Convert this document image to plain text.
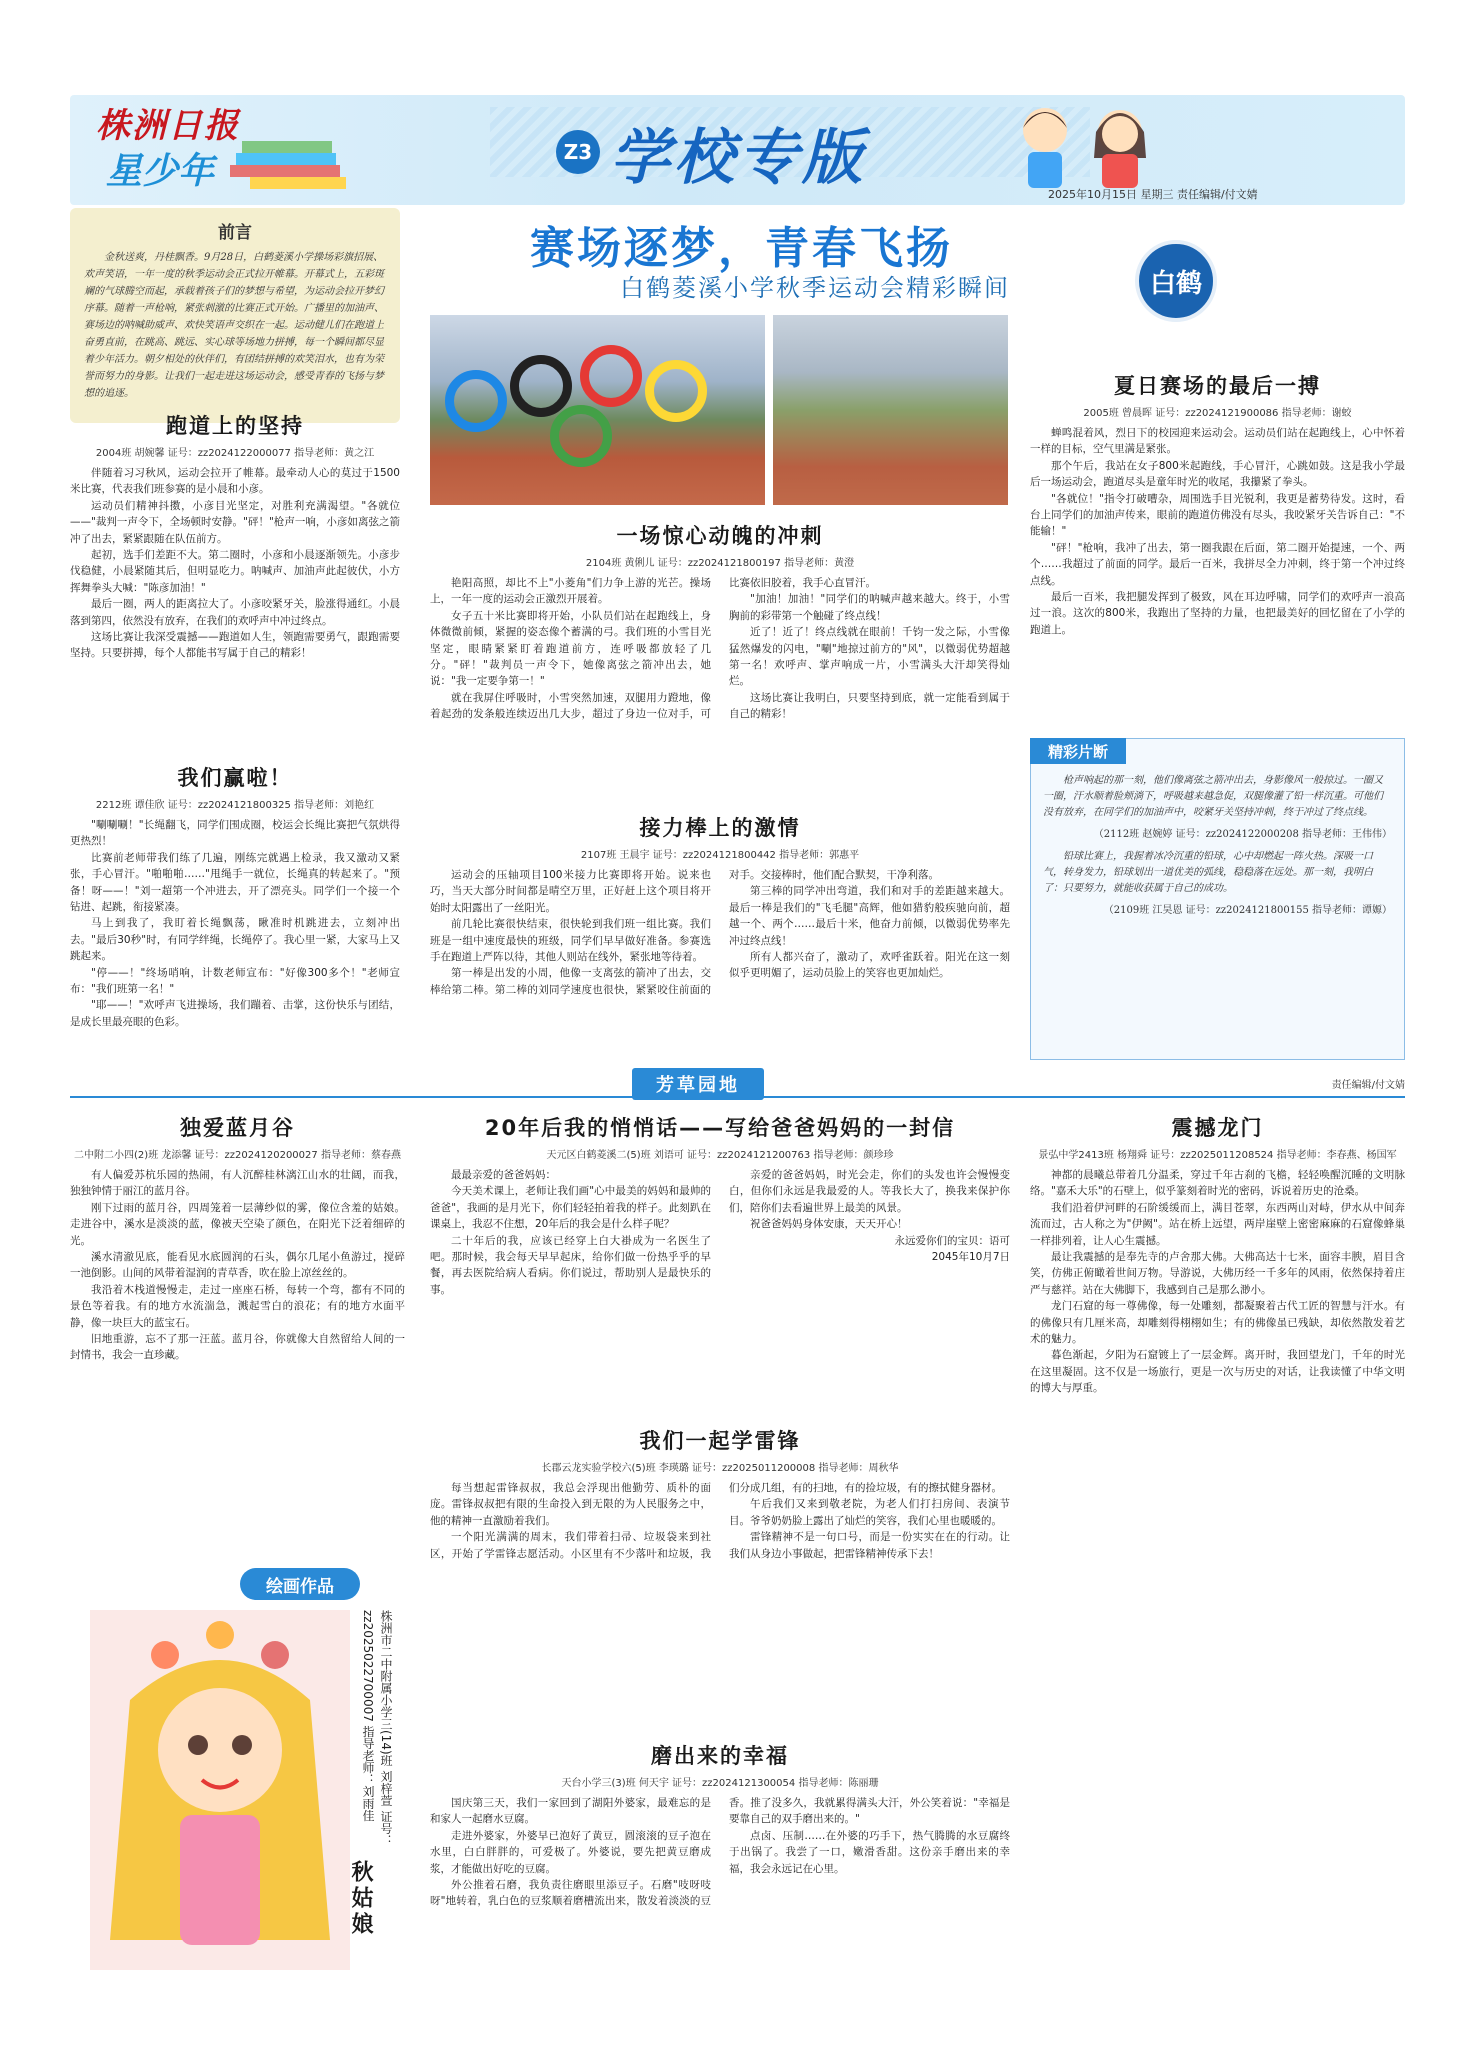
株洲日报
星少年	Z3 学校专版
2025年10月15日 星期三 责任编辑/付文婧
前言

金秋送爽，丹桂飘香。9月28日，白鹤菱溪小学操场彩旗招展、欢声笑语，一年一度的秋季运动会正式拉开帷幕。开幕式上，五彩斑斓的气球腾空而起，承载着孩子们的梦想与希望，为运动会拉开梦幻序幕。随着一声枪响，紧张刺激的比赛正式开始。广播里的加油声、赛场边的呐喊助威声、欢快笑语声交织在一起。运动健儿们在跑道上奋勇直前，在跳高、跳远、实心球等场地力拼搏，每一个瞬间都尽显着少年活力。朝夕相处的伙伴们，有团结拼搏的欢笑泪水，也有为荣誉而努力的身影。让我们一起走进这场运动会，感受青春的飞扬与梦想的追逐。

赛场逐梦，青春飞扬
白鹤菱溪小学秋季运动会精彩瞬间	白鹤
跑道上的坚持
2004班 胡婉馨 证号：zz2024122000077 指导老师：黄之江

伴随着习习秋风，运动会拉开了帷幕。最牵动人心的莫过于1500米比赛，代表我们班参赛的是小晨和小彦。

运动员们精神抖擞，小彦目光坚定，对胜利充满渴望。"各就位——"裁判一声令下，全场顿时安静。"砰！"枪声一响，小彦如离弦之箭冲了出去，紧紧跟随在队伍前方。

起初，选手们差距不大。第二圈时，小彦和小晨逐渐领先。小彦步伐稳健，小晨紧随其后，但明显吃力。呐喊声、加油声此起彼伏，小方挥舞拳头大喊："陈彦加油！"

最后一圈，两人的距离拉大了。小彦咬紧牙关，脸涨得通红。小晨落到第四，依然没有放弃，在我们的欢呼声中冲过终点。

这场比赛让我深受震撼——跑道如人生，领跑需要勇气，跟跑需要坚持。只要拼搏，每个人都能书写属于自己的精彩！

我们赢啦！
2212班 谭佳欣 证号：zz2024121800325 指导老师：刘艳红

"唰唰唰！"长绳翻飞，同学们围成圈，校运会长绳比赛把气氛烘得更热烈！

比赛前老师带我们练了几遍，刚练完就遇上检录，我又激动又紧张，手心冒汗。"啪啪啪……"甩绳手一就位，长绳真的转起来了。"预备！呀——！"刘一超第一个冲进去，开了漂亮头。同学们一个接一个钻进、起跳，衔接紧凑。

马上到我了，我盯着长绳飘荡，瞅准时机跳进去，立刻冲出去。"最后30秒"时，有同学绊绳，长绳停了。我心里一紧，大家马上又跳起来。

"停——！"终场哨响，计数老师宣布："好像300多个！"老师宣布："我们班第一名！"

"耶——！"欢呼声飞进操场，我们蹦着、击掌，这份快乐与团结，是成长里最亮眼的色彩。

一场惊心动魄的冲刺
2104班 黄俐儿 证号：zz2024121800197 指导老师：黄澄

艳阳高照，却比不上"小菱角"们力争上游的光芒。操场上，一年一度的运动会正激烈开展着。

女子五十米比赛即将开始，小队员们站在起跑线上，身体微微前倾，紧握的姿态像个蓄满的弓。我们班的小雪目光坚定，眼睛紧紧盯着跑道前方，连呼吸都放轻了几分。"砰！"裁判员一声令下，她像离弦之箭冲出去，她说："我一定要争第一！"

就在我屏住呼吸时，小雪突然加速，双腿用力蹬地，像着起劲的发条般连续迈出几大步，超过了身边一位对手，可比赛依旧胶着，我手心直冒汗。

"加油！加油！"同学们的呐喊声越来越大。终于，小雪胸前的彩带第一个触碰了终点线！

近了！近了！终点线就在眼前！千钧一发之际，小雪像猛然爆发的闪电，"唰"地掠过前方的"风"，以微弱优势超越第一名！欢呼声、掌声响成一片，小雪满头大汗却笑得灿烂。

这场比赛让我明白，只要坚持到底，就一定能看到属于自己的精彩！

接力棒上的激情
2107班 王晨宇 证号：zz2024121800442 指导老师：郭惠平

运动会的压轴项目100米接力比赛即将开始。说来也巧，当天大部分时间都是晴空万里，正好赶上这个项目将开始时太阳露出了一丝阳光。

前几轮比赛很快结束，很快轮到我们班一组比赛。我们班是一组中速度最快的班级，同学们早早做好准备。参赛选手在跑道上严阵以待，其他人则站在线外，紧张地等待着。

第一棒是出发的小周，他像一支离弦的箭冲了出去，交棒给第二棒。第二棒的刘同学速度也很快，紧紧咬住前面的对手。交接棒时，他们配合默契，干净利落。

第三棒的同学冲出弯道，我们和对手的差距越来越大。最后一棒是我们的"飞毛腿"高辉，他如猎豹般疾驰向前，超越一个、两个……最后十米，他奋力前倾，以微弱优势率先冲过终点线！

所有人都兴奋了，激动了，欢呼雀跃着。阳光在这一刻似乎更明媚了，运动员脸上的笑容也更加灿烂。

夏日赛场的最后一搏
2005班 曾晨晖 证号：zz2024121900086 指导老师：谢蛟

蝉鸣混着风，烈日下的校园迎来运动会。运动员们站在起跑线上，心中怀着一样的目标，空气里满是紧张。

那个午后，我站在女子800米起跑线，手心冒汗，心跳如鼓。这是我小学最后一场运动会，跑道尽头是童年时光的收尾，我攥紧了拳头。

"各就位！"指令打破嘈杂，周围选手目光锐利，我更是蓄势待发。这时，看台上同学们的加油声传来，眼前的跑道仿佛没有尽头，我咬紧牙关告诉自己："不能输！"

"砰！"枪响，我冲了出去，第一圈我跟在后面，第二圈开始提速，一个、两个……我超过了前面的同学。最后一百米，我拼尽全力冲刺，终于第一个冲过终点线。

最后一百米，我把腿发挥到了极致，风在耳边呼啸，同学们的欢呼声一浪高过一浪。这次的800米，我跑出了坚持的力量，也把最美好的回忆留在了小学的跑道上。

枪声响起的那一刻，他们像离弦之箭冲出去，身影像风一般掠过。一圈又一圈，汗水顺着脸颊淌下，呼吸越来越急促，双腿像灌了铅一样沉重。可他们没有放弃，在同学们的加油声中，咬紧牙关坚持冲刺，终于冲过了终点线。

（2112班 赵婉婷 证号：zz2024122000208 指导老师：王伟伟）

铅球比赛上，我握着冰冷沉重的铅球，心中却燃起一阵火热。深吸一口气，转身发力，铅球划出一道优美的弧线，稳稳落在远处。那一刻，我明白了：只要努力，就能收获属于自己的成功。

（2109班 江昊恩 证号：zz2024121800155 指导老师：谭嫄）

精彩片断
芳草园地	责任编辑/付文婧
独爱蓝月谷
二中附二小四(2)班 龙添馨 证号：zz2024120200027 指导老师：蔡春燕

有人偏爱苏杭乐园的热闹，有人沉醉桂林漓江山水的壮阔，而我，独独钟情于丽江的蓝月谷。

刚下过雨的蓝月谷，四周笼着一层薄纱似的雾，像位含羞的姑娘。走进谷中，溪水是淡淡的蓝，像被天空染了颜色，在阳光下泛着细碎的光。

溪水清澈见底，能看见水底圆润的石头，偶尔几尾小鱼游过，搅碎一池倒影。山间的风带着湿润的青草香，吹在脸上凉丝丝的。

我沿着木栈道慢慢走，走过一座座石桥，每转一个弯，都有不同的景色等着我。有的地方水流湍急，溅起雪白的浪花；有的地方水面平静，像一块巨大的蓝宝石。

旧地重游，忘不了那一汪蓝。蓝月谷，你就像大自然留给人间的一封情书，我会一直珍藏。

绘画作品
株洲市二中附属小学三(14)班 刘梓萱 证号：zz2025022700007 指导老师：刘雨佳
秋姑娘
20年后我的悄悄话——写给爸爸妈妈的一封信
天元区白鹤菱溪二(5)班 刘语可 证号：zz2024121200763 指导老师：颜珍珍

最最亲爱的爸爸妈妈：

今天美术课上，老师让我们画"心中最美的妈妈和最帅的爸爸"，我画的是月光下，你们轻轻拍着我的样子。此刻趴在课桌上，我忍不住想，20年后的我会是什么样子呢？

二十年后的我，应该已经穿上白大褂成为一名医生了吧。那时候，我会每天早早起床，给你们做一份热乎乎的早餐，再去医院给病人看病。你们说过，帮助别人是最快乐的事。

亲爱的爸爸妈妈，时光会走，你们的头发也许会慢慢变白，但你们永远是我最爱的人。等我长大了，换我来保护你们，陪你们去看遍世界上最美的风景。

祝爸爸妈妈身体安康，天天开心！

永远爱你们的宝贝：语可

2045年10月7日

我们一起学雷锋
长郡云龙实验学校六(5)班 李瑛璐 证号：zz2025011200008 指导老师：周秋华

每当想起雷锋叔叔，我总会浮现出他勤劳、质朴的面庞。雷锋叔叔把有限的生命投入到无限的为人民服务之中，他的精神一直激励着我们。

一个阳光满满的周末，我们带着扫帚、垃圾袋来到社区，开始了学雷锋志愿活动。小区里有不少落叶和垃圾，我们分成几组，有的扫地，有的捡垃圾，有的擦拭健身器材。

午后我们又来到敬老院，为老人们打扫房间、表演节目。爷爷奶奶脸上露出了灿烂的笑容，我们心里也暖暖的。

雷锋精神不是一句口号，而是一份实实在在的行动。让我们从身边小事做起，把雷锋精神传承下去！

磨出来的幸福
天台小学三(3)班 何天宇 证号：zz2024121300054 指导老师：陈丽珊

国庆第三天，我们一家回到了湖阳外婆家，最难忘的是和家人一起磨水豆腐。

走进外婆家，外婆早已泡好了黄豆，圆滚滚的豆子泡在水里，白白胖胖的，可爱极了。外婆说，要先把黄豆磨成浆，才能做出好吃的豆腐。

外公推着石磨，我负责往磨眼里添豆子。石磨"吱呀吱呀"地转着，乳白色的豆浆顺着磨槽流出来，散发着淡淡的豆香。推了没多久，我就累得满头大汗，外公笑着说："幸福是要靠自己的双手磨出来的。"

点卤、压制……在外婆的巧手下，热气腾腾的水豆腐终于出锅了。我尝了一口，嫩滑香甜。这份亲手磨出来的幸福，我会永远记在心里。

震撼龙门
景弘中学2413班 杨翔舜 证号：zz2025011208524 指导老师：李春燕、杨国军

神都的晨曦总带着几分温柔，穿过千年古刹的飞檐，轻轻唤醒沉睡的文明脉络。"嘉禾大乐"的石壁上，似乎篆刻着时光的密码，诉说着历史的沧桑。

我们沿着伊河畔的石阶缓缓而上，满目苍翠，东西两山对峙，伊水从中间奔流而过，古人称之为"伊阙"。站在桥上远望，两岸崖壁上密密麻麻的石窟像蜂巢一样排列着，让人心生震撼。

最让我震撼的是奉先寺的卢舍那大佛。大佛高达十七米，面容丰腴，眉目含笑，仿佛正俯瞰着世间万物。导游说，大佛历经一千多年的风雨，依然保持着庄严与慈祥。站在大佛脚下，我感到自己是那么渺小。

龙门石窟的每一尊佛像，每一处雕刻，都凝聚着古代工匠的智慧与汗水。有的佛像只有几厘米高，却雕刻得栩栩如生；有的佛像虽已残缺，却依然散发着艺术的魅力。

暮色渐起，夕阳为石窟镀上了一层金辉。离开时，我回望龙门，千年的时光在这里凝固。这不仅是一场旅行，更是一次与历史的对话，让我读懂了中华文明的博大与厚重。
